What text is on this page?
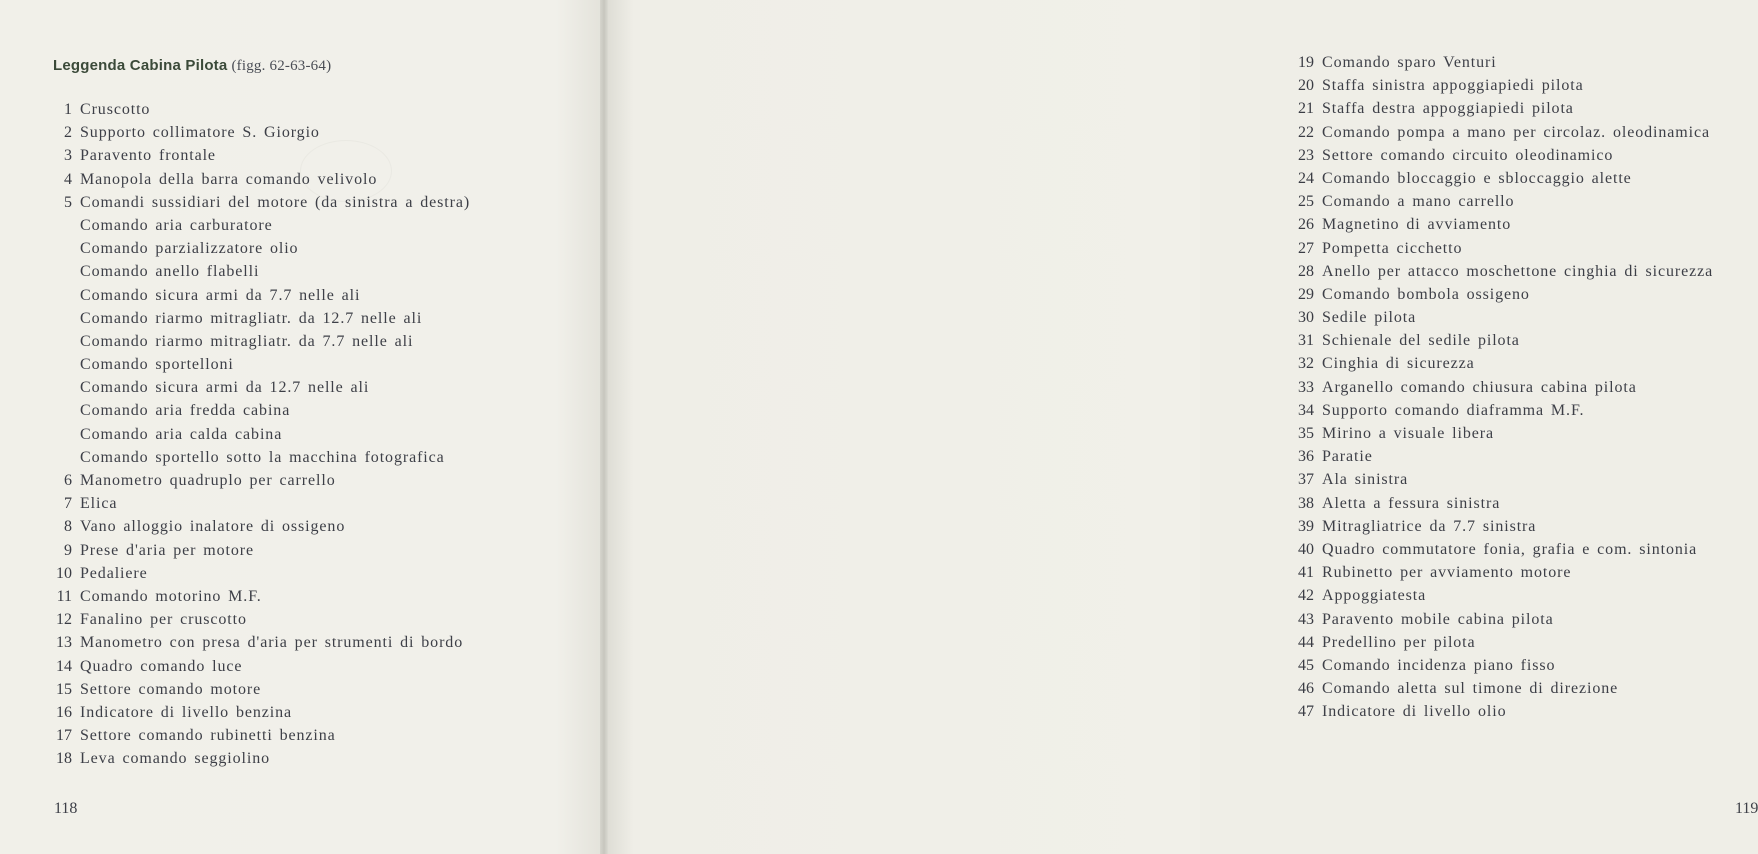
Leggenda Cabina Pilota (figg. 62-63-64)
1 Cruscotto
2 Supporto collimatore S. Giorgio
3 Paravento frontale
4 Manopola della barra comando velivolo
5 Comandi sussidiari del motore (da sinistra a destra)
Comando aria carburatore
Comando parzializzatore olio
Comando anello flabelli
Comando sicura armi da 7.7 nelle ali
Comando riarmo mitragliatr. da 12.7 nelle ali
Comando riarmo mitragliatr. da 7.7 nelle ali
Comando sportelloni
Comando sicura armi da 12.7 nelle ali
Comando aria fredda cabina
Comando aria calda cabina
Comando sportello sotto la macchina fotografica
6 Manometro quadruplo per carrello
7 Elica
8 Vano alloggio inalatore di ossigeno
9 Prese d'aria per motore
10 Pedaliere
11 Comando motorino M.F.
12 Fanalino per cruscotto
13 Manometro con presa d'aria per strumenti di bordo
14 Quadro comando luce
15 Settore comando motore
16 Indicatore di livello benzina
17 Settore comando rubinetti benzina
18 Leva comando seggiolino
118
19 Comando sparo Venturi
20 Staffa sinistra appoggiapiedi pilota
21 Staffa destra appoggiapiedi pilota
22 Comando pompa a mano per circolaz. oleodinamica
23 Settore comando circuito oleodinamico
24 Comando bloccaggio e sbloccaggio alette
25 Comando a mano carrello
26 Magnetino di avviamento
27 Pompetta cicchetto
28 Anello per attacco moschettone cinghia di sicurezza
29 Comando bombola ossigeno
30 Sedile pilota
31 Schienale del sedile pilota
32 Cinghia di sicurezza
33 Arganello comando chiusura cabina pilota
34 Supporto comando diaframma M.F.
35 Mirino a visuale libera
36 Paratie
37 Ala sinistra
38 Aletta a fessura sinistra
39 Mitragliatrice da 7.7 sinistra
40 Quadro commutatore fonia, grafia e com. sintonia
41 Rubinetto per avviamento motore
42 Appoggiatesta
43 Paravento mobile cabina pilota
44 Predellino per pilota
45 Comando incidenza piano fisso
46 Comando aletta sul timone di direzione
47 Indicatore di livello olio
119
